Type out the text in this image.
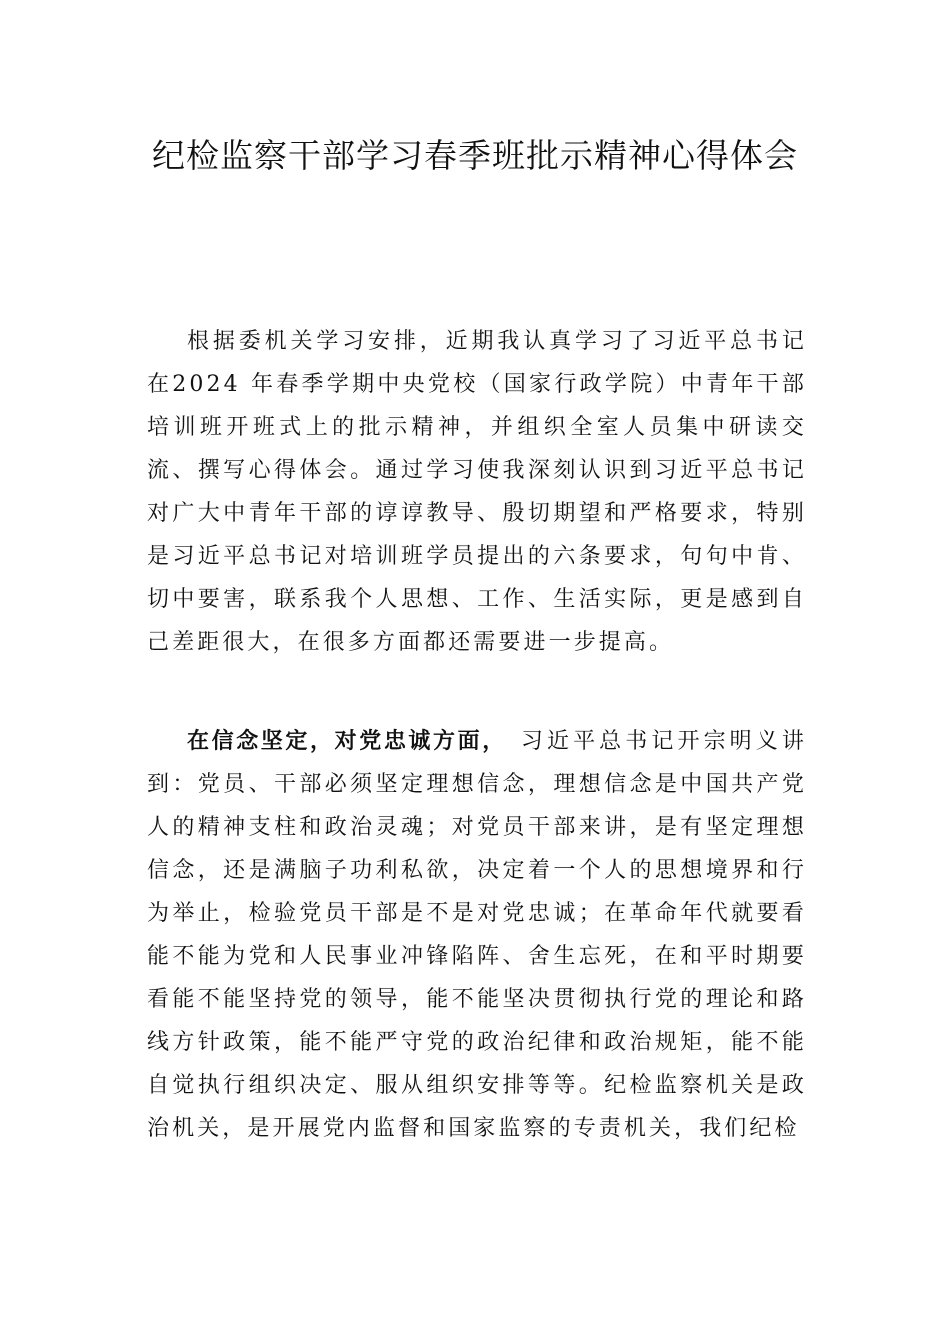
纪检监察干部学习春季班批示精神心得体会

根据委机关学习安排，近期我认真学习了习近平总书记在2024 年春季学期中央党校（国家行政学院）中青年干部培训班开班式上的批示精神，并组织全室人员集中研读交流、撰写心得体会。通过学习使我深刻认识到习近平总书记对广大中青年干部的谆谆教导、殷切期望和严格要求，特别是习近平总书记对培训班学员提出的六条要求，句句中肯、切中要害，联系我个人思想、工作、生活实际，更是感到自己差距很大，在很多方面都还需要进一步提高。

在信念坚定，对党忠诚方面， 习近平总书记开宗明义讲到：党员、干部必须坚定理想信念，理想信念是中国共产党人的精神支柱和政治灵魂；对党员干部来讲，是有坚定理想信念，还是满脑子功利私欲，决定着一个人的思想境界和行为举止，检验党员干部是不是对党忠诚；在革命年代就要看能不能为党和人民事业冲锋陷阵、舍生忘死，在和平时期要看能不能坚持党的领导，能不能坚决贯彻执行党的理论和路线方针政策，能不能严守党的政治纪律和政治规矩，能不能自觉执行组织决定、服从组织安排等等。纪检监察机关是政治机关，是开展党内监督和国家监察的专责机关，我们纪检
